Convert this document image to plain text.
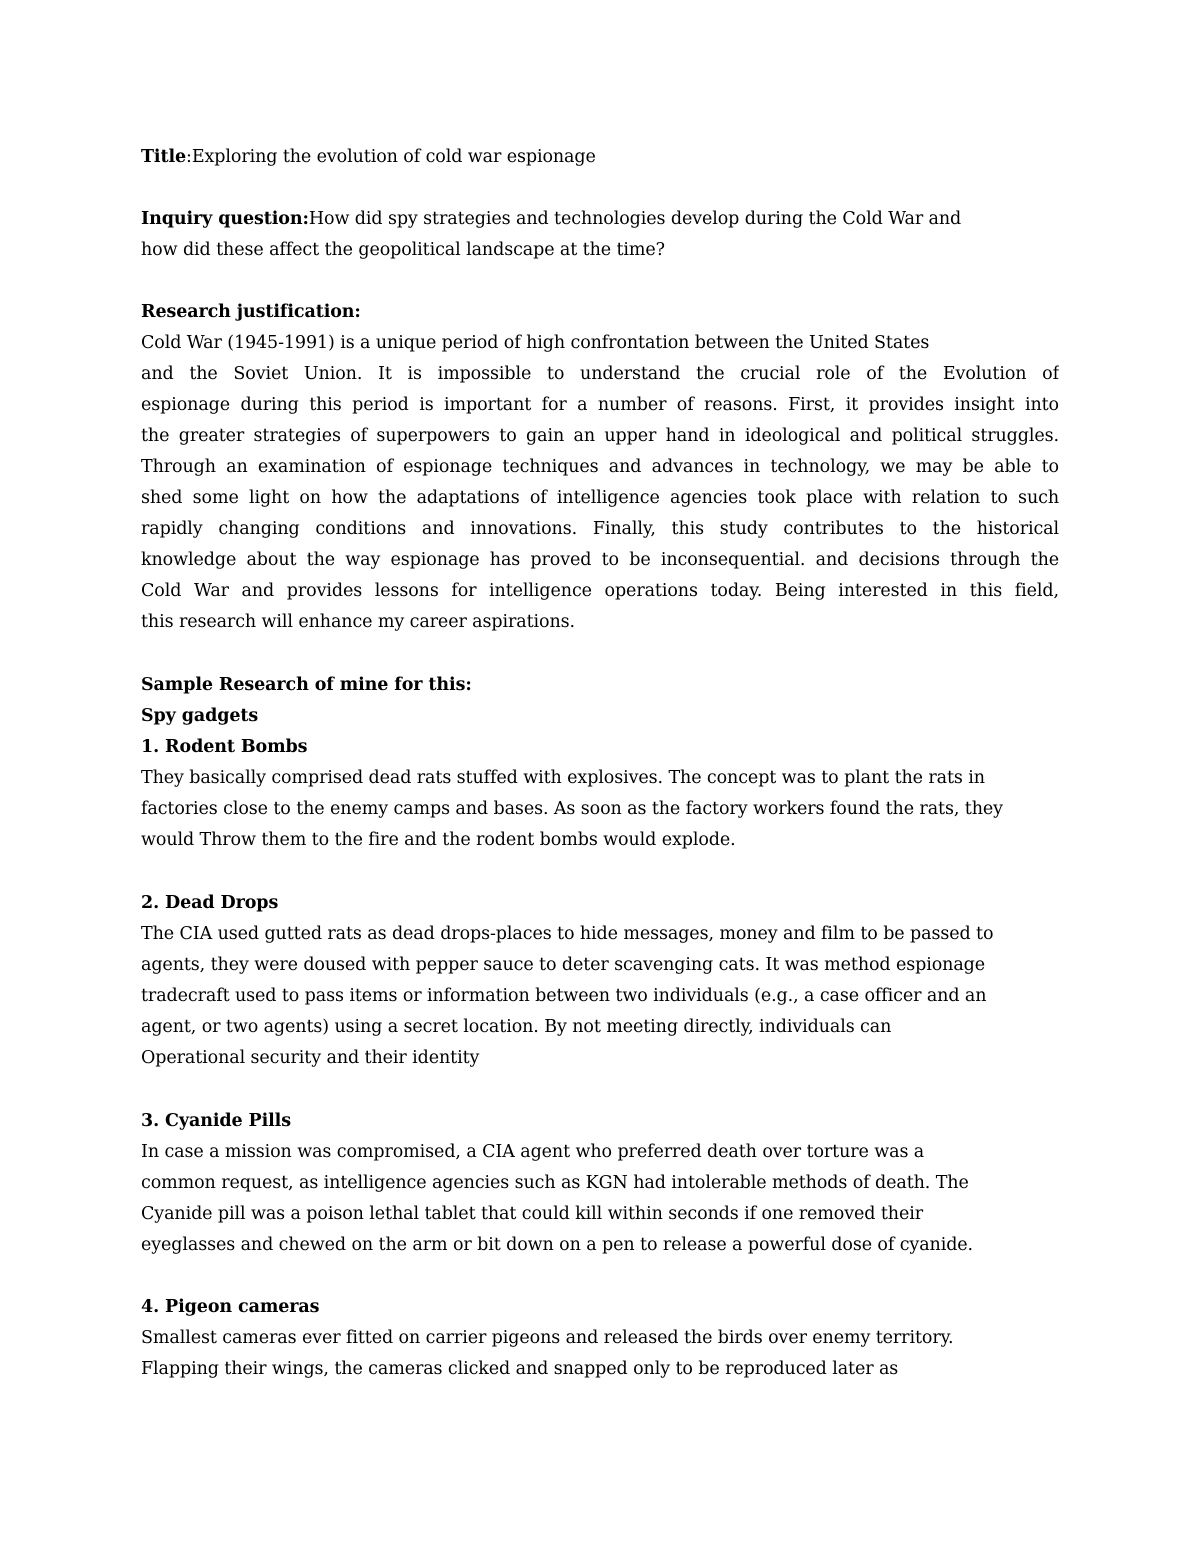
Title:Exploring the evolution of cold war espionage
Inquiry question:How did spy strategies and technologies develop during the Cold War and
how did these affect the geopolitical landscape at the time?
Research justification:
Cold War (1945-1991) is a unique period of high confrontation between the United States
and the Soviet Union. It is impossible to understand the crucial role of the Evolution of
espionage during this period is important for a number of reasons. First, it provides insight into
the greater strategies of superpowers to gain an upper hand in ideological and political struggles.
Through an examination of espionage techniques and advances in technology, we may be able to
shed some light on how the adaptations of intelligence agencies took place with relation to such
rapidly changing conditions and innovations. Finally, this study contributes to the historical
knowledge about the way espionage has proved to be inconsequential. and decisions through the
Cold War and provides lessons for intelligence operations today. Being interested in this field,
this research will enhance my career aspirations.
Sample Research of mine for this:
Spy gadgets
1. Rodent Bombs
They basically comprised dead rats stuffed with explosives. The concept was to plant the rats in
factories close to the enemy camps and bases. As soon as the factory workers found the rats, they
would Throw them to the fire and the rodent bombs would explode.
2. Dead Drops
The CIA used gutted rats as dead drops-places to hide messages, money and film to be passed to
agents, they were doused with pepper sauce to deter scavenging cats. It was method espionage
tradecraft used to pass items or information between two individuals (e.g., a case officer and an
agent, or two agents) using a secret location. By not meeting directly, individuals can
Operational security and their identity
3. Cyanide Pills
In case a mission was compromised, a CIA agent who preferred death over torture was a
common request, as intelligence agencies such as KGN had intolerable methods of death. The
Cyanide pill was a poison lethal tablet that could kill within seconds if one removed their
eyeglasses and chewed on the arm or bit down on a pen to release a powerful dose of cyanide.
4. Pigeon cameras
Smallest cameras ever fitted on carrier pigeons and released the birds over enemy territory.
Flapping their wings, the cameras clicked and snapped only to be reproduced later as
